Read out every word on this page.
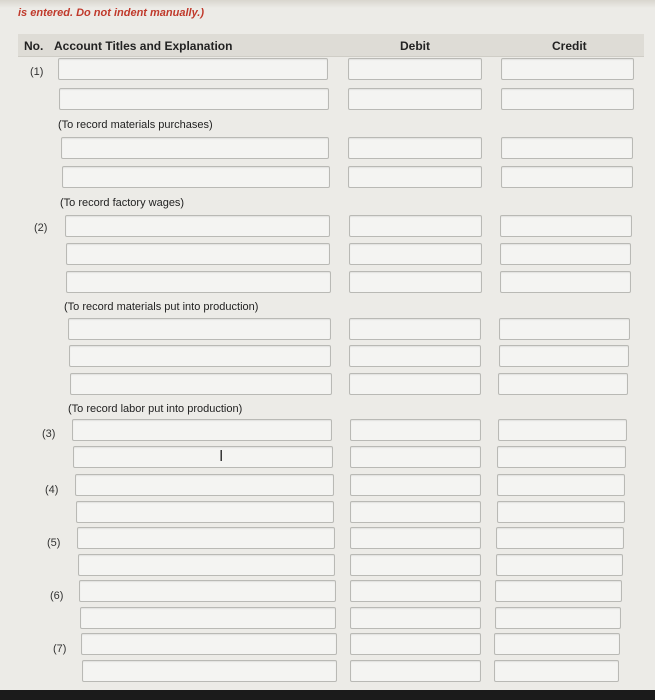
is entered. Do not indent manually.)
No. Account Titles and Explanation	Debit	Credit
(1)
(To record materials purchases)
(To record factory wages)
(2)
(To record materials put into production)
(To record labor put into production)
(3)
I
(4)
(5)
(6)
(7)
